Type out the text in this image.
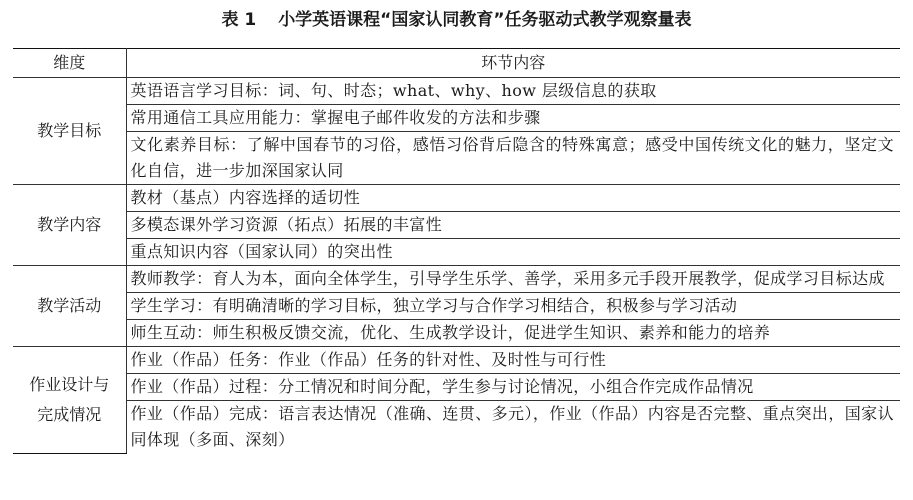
表 1 小学英语课程“国家认同教育”任务驱动式教学观察量表
维度	环节内容
教学目标	英语语言学习目标：词、句、时态；what、why、how 层级信息的获取
	常用通信工具应用能力：掌握电子邮件收发的方法和步骤
	文化素养目标：了解中国春节的习俗，感悟习俗背后隐含的特殊寓意；感受中国传统文化的魅力，坚定文化自信，进一步加深国家认同
教学内容	教材（基点）内容选择的适切性
	多模态课外学习资源（拓点）拓展的丰富性
	重点知识内容（国家认同）的突出性
教学活动	教师教学：育人为本，面向全体学生，引导学生乐学、善学，采用多元手段开展教学，促成学习目标达成
	学生学习：有明确清晰的学习目标，独立学习与合作学习相结合，积极参与学习活动
	师生互动：师生积极反馈交流，优化、生成教学设计，促进学生知识、素养和能力的培养
作业设计与
完成情况	作业（作品）任务：作业（作品）任务的针对性、及时性与可行性
	作业（作品）过程：分工情况和时间分配，学生参与讨论情况，小组合作完成作品情况
	作业（作品）完成：语言表达情况（准确、连贯、多元），作业（作品）内容是否完整、重点突出，国家认同体现（多面、深刻）
